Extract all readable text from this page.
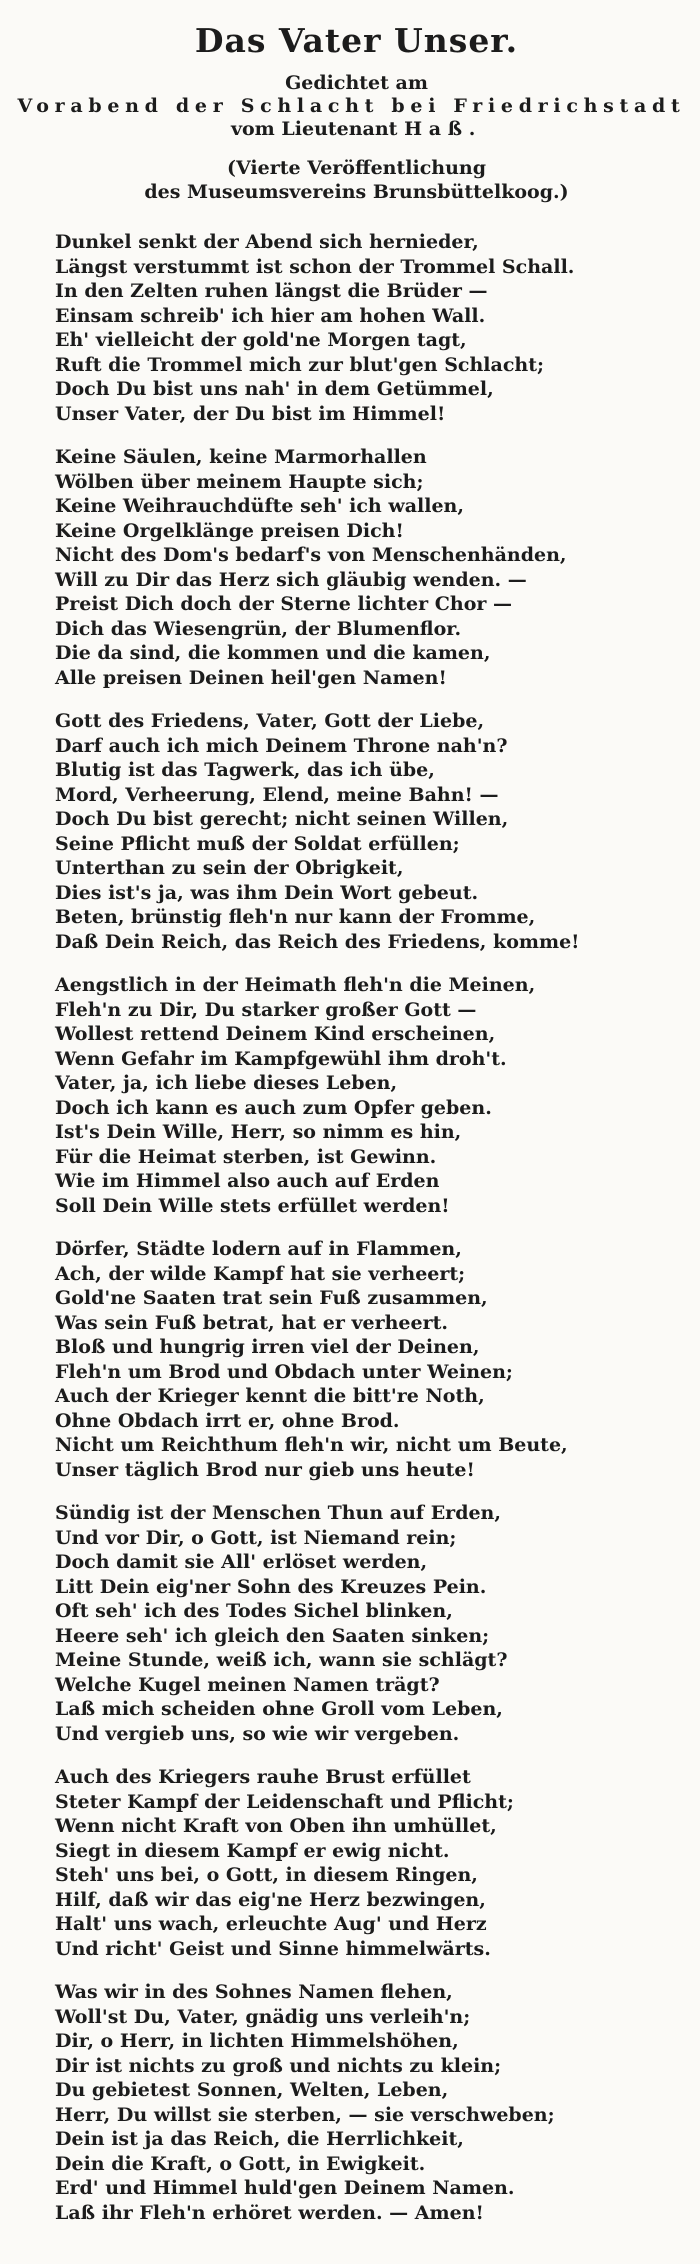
Das Vater Unser.
Gedichtet am
Vorabend der Schlacht bei Friedrichstadt
vom Lieutenant Haß.
(Vierte Veröffentlichung
des Museumsvereins Brunsbüttelkoog.)
Dunkel senkt der Abend sich hernieder,
Längst verstummt ist schon der Trommel Schall.
In den Zelten ruhen längst die Brüder —
Einsam schreib' ich hier am hohen Wall.
Eh' vielleicht der gold'ne Morgen tagt,
Ruft die Trommel mich zur blut'gen Schlacht;
Doch Du bist uns nah' in dem Getümmel,
Unser Vater, der Du bist im Himmel!
Keine Säulen, keine Marmorhallen
Wölben über meinem Haupte sich;
Keine Weihrauchdüfte seh' ich wallen,
Keine Orgelklänge preisen Dich!
Nicht des Dom's bedarf's von Menschenhänden,
Will zu Dir das Herz sich gläubig wenden. —
Preist Dich doch der Sterne lichter Chor —
Dich das Wiesengrün, der Blumenflor.
Die da sind, die kommen und die kamen,
Alle preisen Deinen heil'gen Namen!
Gott des Friedens, Vater, Gott der Liebe,
Darf auch ich mich Deinem Throne nah'n?
Blutig ist das Tagwerk, das ich übe,
Mord, Verheerung, Elend, meine Bahn! —
Doch Du bist gerecht; nicht seinen Willen,
Seine Pflicht muß der Soldat erfüllen;
Unterthan zu sein der Obrigkeit,
Dies ist's ja, was ihm Dein Wort gebeut.
Beten, brünstig fleh'n nur kann der Fromme,
Daß Dein Reich, das Reich des Friedens, komme!
Aengstlich in der Heimath fleh'n die Meinen,
Fleh'n zu Dir, Du starker großer Gott —
Wollest rettend Deinem Kind erscheinen,
Wenn Gefahr im Kampfgewühl ihm droh't.
Vater, ja, ich liebe dieses Leben,
Doch ich kann es auch zum Opfer geben.
Ist's Dein Wille, Herr, so nimm es hin,
Für die Heimat sterben, ist Gewinn.
Wie im Himmel also auch auf Erden
Soll Dein Wille stets erfüllet werden!
Dörfer, Städte lodern auf in Flammen,
Ach, der wilde Kampf hat sie verheert;
Gold'ne Saaten trat sein Fuß zusammen,
Was sein Fuß betrat, hat er verheert.
Bloß und hungrig irren viel der Deinen,
Fleh'n um Brod und Obdach unter Weinen;
Auch der Krieger kennt die bitt're Noth,
Ohne Obdach irrt er, ohne Brod.
Nicht um Reichthum fleh'n wir, nicht um Beute,
Unser täglich Brod nur gieb uns heute!
Sündig ist der Menschen Thun auf Erden,
Und vor Dir, o Gott, ist Niemand rein;
Doch damit sie All' erlöset werden,
Litt Dein eig'ner Sohn des Kreuzes Pein.
Oft seh' ich des Todes Sichel blinken,
Heere seh' ich gleich den Saaten sinken;
Meine Stunde, weiß ich, wann sie schlägt?
Welche Kugel meinen Namen trägt?
Laß mich scheiden ohne Groll vom Leben,
Und vergieb uns, so wie wir vergeben.
Auch des Kriegers rauhe Brust erfüllet
Steter Kampf der Leidenschaft und Pflicht;
Wenn nicht Kraft von Oben ihn umhüllet,
Siegt in diesem Kampf er ewig nicht.
Steh' uns bei, o Gott, in diesem Ringen,
Hilf, daß wir das eig'ne Herz bezwingen,
Halt' uns wach, erleuchte Aug' und Herz
Und richt' Geist und Sinne himmelwärts.
Was wir in des Sohnes Namen flehen,
Woll'st Du, Vater, gnädig uns verleih'n;
Dir, o Herr, in lichten Himmelshöhen,
Dir ist nichts zu groß und nichts zu klein;
Du gebietest Sonnen, Welten, Leben,
Herr, Du willst sie sterben, — sie verschweben;
Dein ist ja das Reich, die Herrlichkeit,
Dein die Kraft, o Gott, in Ewigkeit.
Erd' und Himmel huld'gen Deinem Namen.
Laß ihr Fleh'n erhöret werden. — Amen!
